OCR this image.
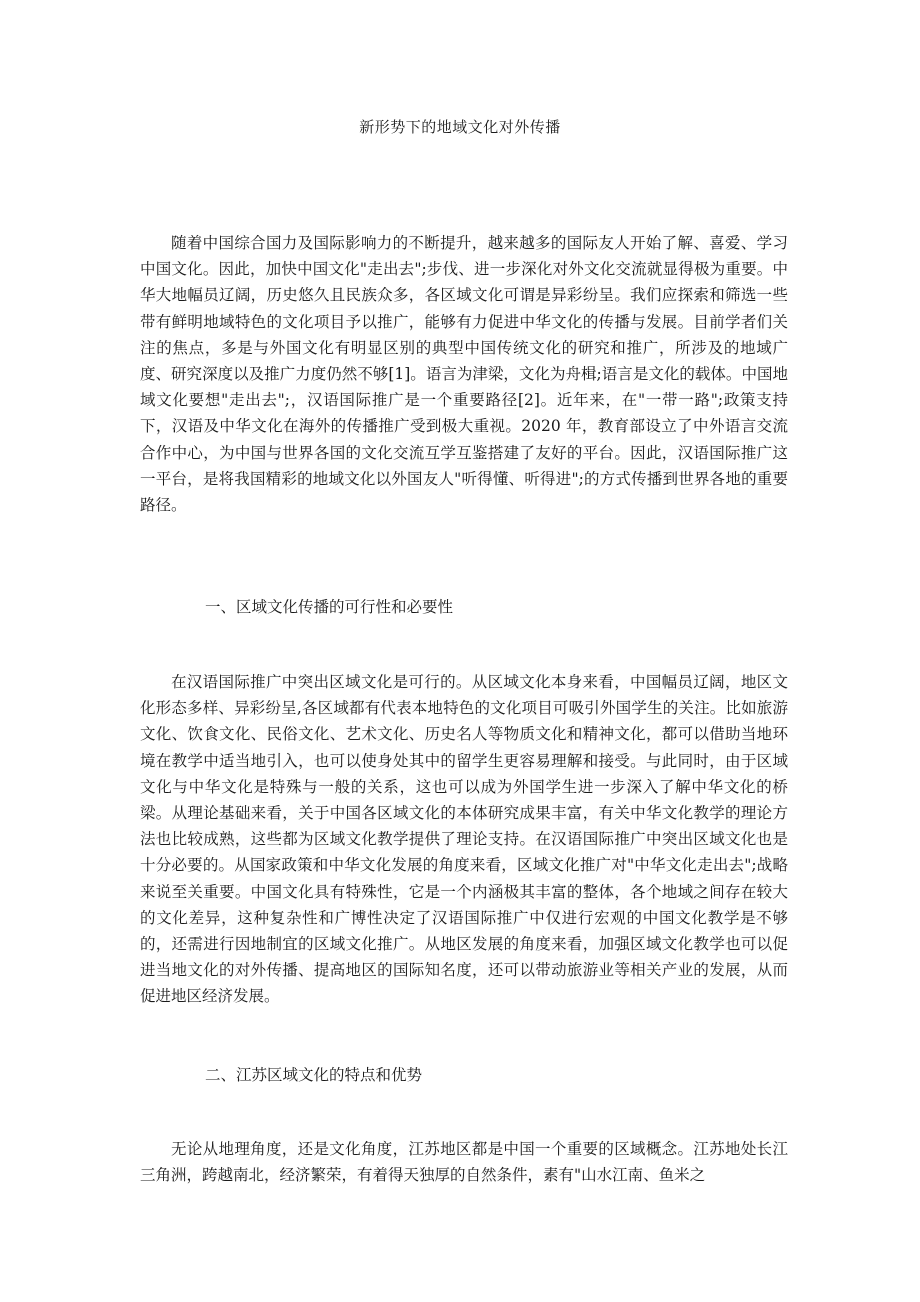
新形势下的地域文化对外传播

随着中国综合国力及国际影响力的不断提升，越来越多的国际友人开始了解、喜爱、学习中国文化。因此，加快中国文化"走出去";步伐、进一步深化对外文化交流就显得极为重要。中华大地幅员辽阔，历史悠久且民族众多，各区域文化可谓是异彩纷呈。我们应探索和筛选一些带有鲜明地域特色的文化项目予以推广，能够有力促进中华文化的传播与发展。目前学者们关注的焦点，多是与外国文化有明显区别的典型中国传统文化的研究和推广，所涉及的地域广度、研究深度以及推广力度仍然不够[1]。语言为津梁，文化为舟楫;语言是文化的载体。中国地域文化要想"走出去";，汉语国际推广是一个重要路径[2]。近年来，在"一带一路";政策支持下，汉语及中华文化在海外的传播推广受到极大重视。2020 年，教育部设立了中外语言交流合作中心，为中国与世界各国的文化交流互学互鉴搭建了友好的平台。因此，汉语国际推广这一平台，是将我国精彩的地域文化以外国友人"听得懂、听得进";的方式传播到世界各地的重要路径。

一、区域文化传播的可行性和必要性

在汉语国际推广中突出区域文化是可行的。从区域文化本身来看，中国幅员辽阔，地区文化形态多样、异彩纷呈,各区域都有代表本地特色的文化项目可吸引外国学生的关注。比如旅游文化、饮食文化、民俗文化、艺术文化、历史名人等物质文化和精神文化，都可以借助当地环境在教学中适当地引入，也可以使身处其中的留学生更容易理解和接受。与此同时，由于区域文化与中华文化是特殊与一般的关系，这也可以成为外国学生进一步深入了解中华文化的桥梁。从理论基础来看，关于中国各区域文化的本体研究成果丰富，有关中华文化教学的理论方法也比较成熟，这些都为区域文化教学提供了理论支持。在汉语国际推广中突出区域文化也是十分必要的。从国家政策和中华文化发展的角度来看，区域文化推广对"中华文化走出去";战略来说至关重要。中国文化具有特殊性，它是一个内涵极其丰富的整体，各个地域之间存在较大的文化差异，这种复杂性和广博性决定了汉语国际推广中仅进行宏观的中国文化教学是不够的，还需进行因地制宜的区域文化推广。从地区发展的角度来看，加强区域文化教学也可以促进当地文化的对外传播、提高地区的国际知名度，还可以带动旅游业等相关产业的发展，从而促进地区经济发展。

二、江苏区域文化的特点和优势

无论从地理角度，还是文化角度，江苏地区都是中国一个重要的区域概念。江苏地处长江三角洲，跨越南北，经济繁荣，有着得天独厚的自然条件，素有"山水江南、鱼米之
